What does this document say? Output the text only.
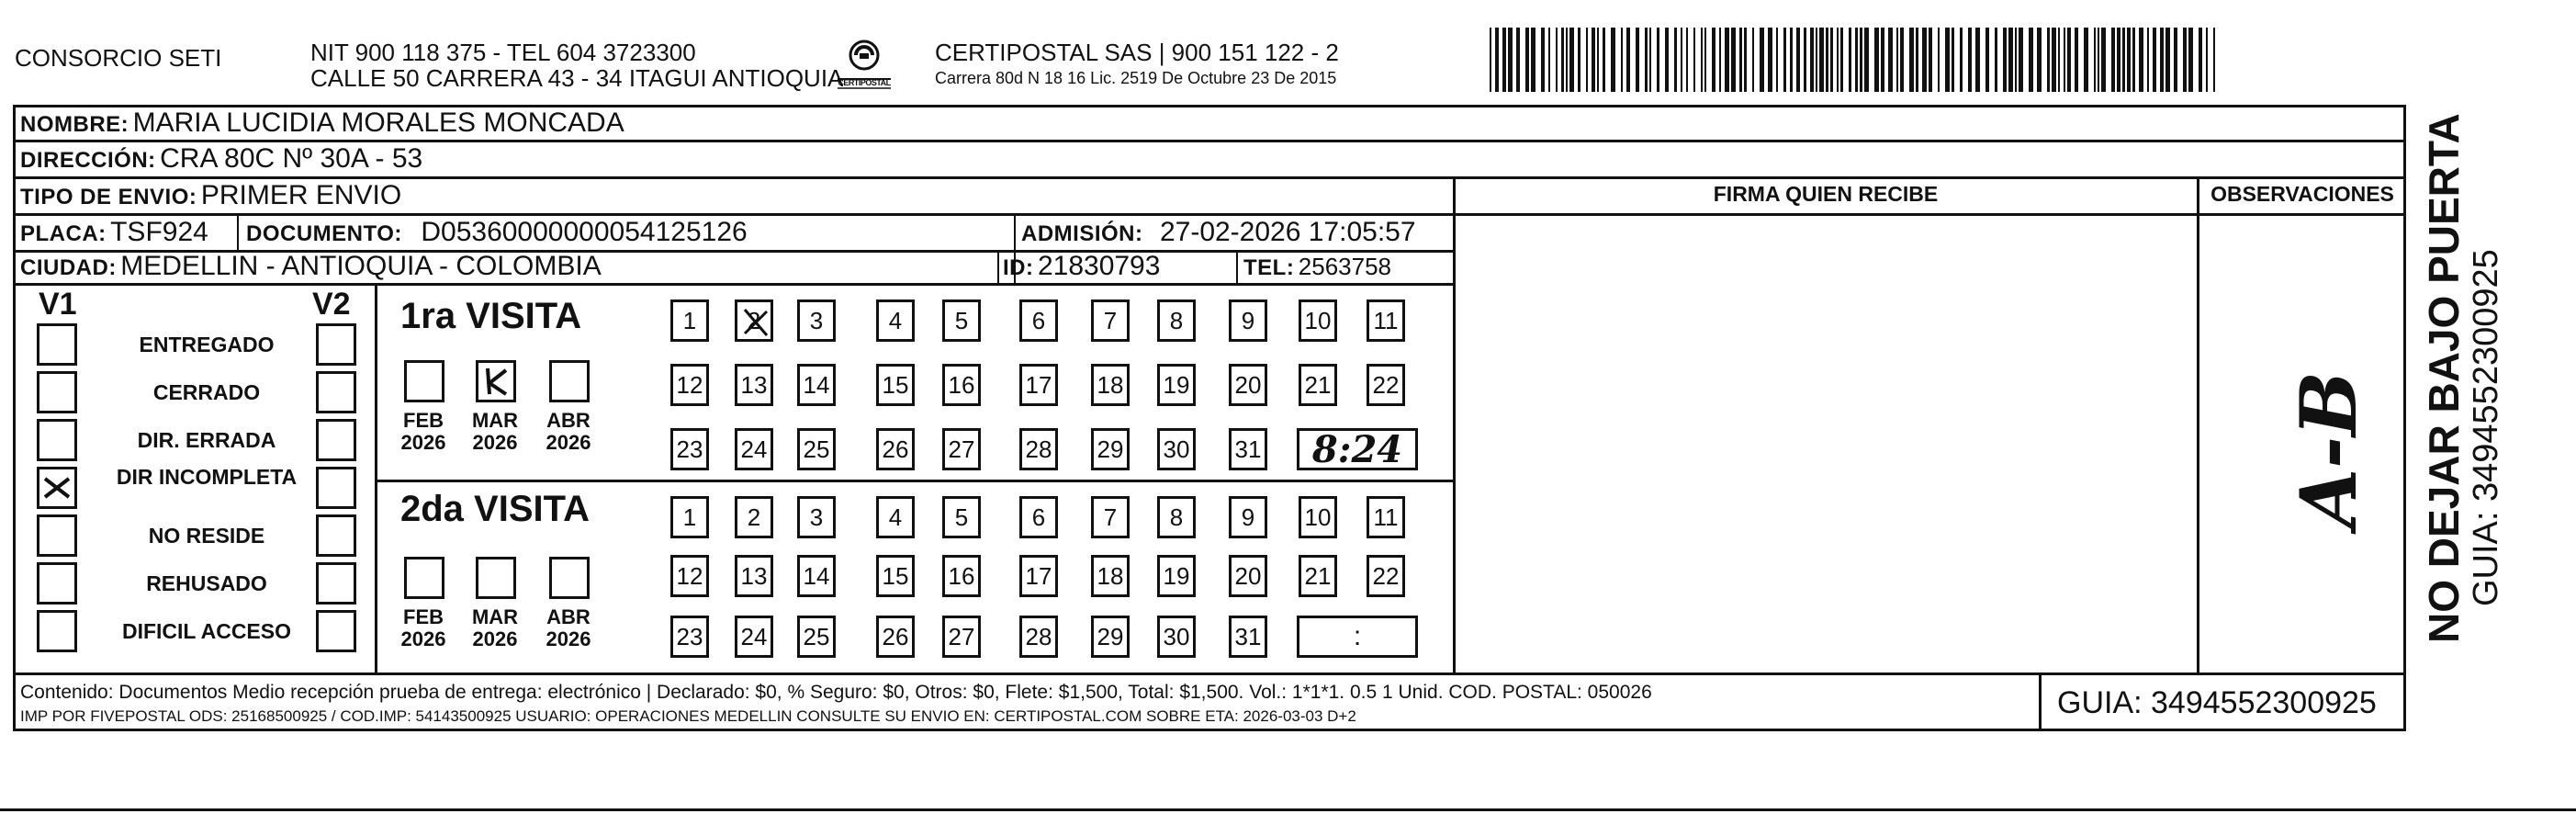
CONSORCIO SETI	NIT 900 118 375 - TEL 604 3723300
CALLE 50 CARRERA 43 - 34 ITAGUI ANTIOQUIA
CERTIPOSTAL
CERTIPOSTAL SAS | 900 151 122 - 2
Carrera 80d N 18 16 Lic. 2519 De Octubre 23 De 2015
NOMBRE: MARIA LUCIDIA MORALES MONCADA
DIRECCIÓN: CRA 80C Nº 30A - 53
TIPO DE ENVIO: PRIMER ENVIO
PLACA: TSF924 DOCUMENTO: D05360000000054125126	ADMISIÓN: 27-02-2026 17:05:57
CIUDAD: MEDELLIN - ANTIOQUIA - COLOMBIA	ID: 21830793	TEL: 2563758
FIRMA QUIEN RECIBE	OBSERVACIONES
V1	V2
ENTREGADO
CERRADO
DIR. ERRADA
DIR INCOMPLETA
NO RESIDE
REHUSADO
DIFICIL ACCESO
1ra VISITA
2da VISITA
FEB
2026
MAR
2026
ABR
2026
1 2 3	4 5	6 7 8 9 10 11
12 13 14 15 16 17 18 19 20 21 22
23 24 25 26 27 28 29 30 31 8:24
FEB
2026
MAR
2026
ABR
2026
1 2 3	4 5	6 7 8 9 10 11
12 13 14 15 16 17 18 19 20 21 22
23 24 25 26 27 28 29 30 31	:
A-B
Contenido: Documentos Medio recepción prueba de entrega: electrónico | Declarado: $0, % Seguro: $0, Otros: $0, Flete: $1,500, Total: $1,500. Vol.: 1*1*1. 0.5 1 Unid. COD. POSTAL: 050026
IMP POR FIVEPOSTAL ODS: 25168500925 / COD.IMP: 54143500925 USUARIO: OPERACIONES MEDELLIN CONSULTE SU ENVIO EN: CERTIPOSTAL.COM SOBRE ETA: 2026-03-03 D+2	GUIA: 3494552300925
NO DEJAR BAJO PUERTA GUIA: 3494552300925
